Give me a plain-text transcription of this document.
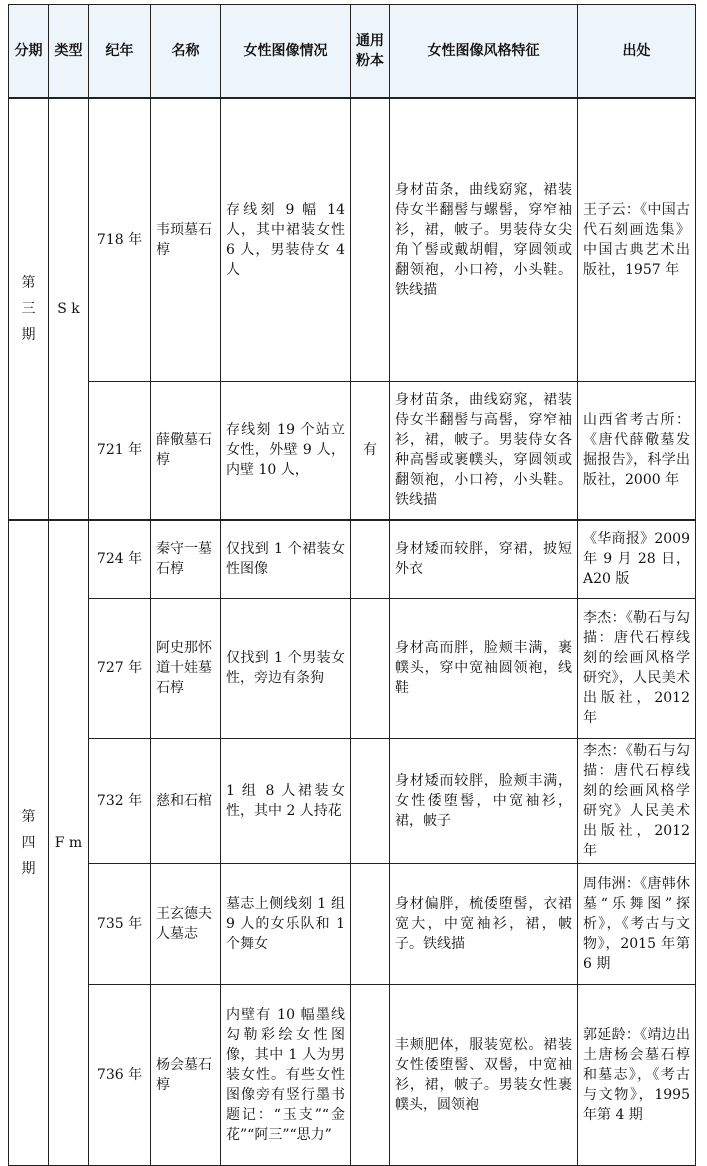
分期	类型	纪年	名称	女性图像情况	通用粉本	女性图像风格特征	出处
第三期	S k	718 年	韦顼墓石椁	存线刻 9 幅 14 人，其中裙装女性 6 人，男装侍女 4 人		身材苗条，曲线窈窕，裙装侍女半翻髻与螺髻，穿窄袖衫，裙，帔子。男装侍女尖角丫髻或戴胡帽，穿圆领或翻领袍，小口袴，小头鞋。铁线描	王子云：《中国古代石刻画选集》中国古典艺术出版社，1957 年
		721 年	薛儆墓石椁	存线刻 19 个站立女性，外壁 9 人，内壁 10 人，	有	身材苗条，曲线窈窕，裙装侍女半翻髻与高髻，穿窄袖衫，裙，帔子。男装侍女各种高髻或裹幞头，穿圆领或翻领袍，小口袴，小头鞋。铁线描	山西省考古所：《唐代薛儆墓发掘报告》，科学出版社，2000 年
第四期	F m	724 年	秦守一墓石椁	仅找到 1 个裙装女性图像		身材矮而较胖，穿裙，披短外衣	《华商报》2009 年 9 月 28 日，A20 版
		727 年	阿史那怀道十娃墓石椁	仅找到 1 个男装女性，旁边有条狗		身材高而胖，脸颊丰满，裹幞头，穿中宽袖圆领袍，线鞋	李杰：《勒石与勾描：唐代石椁线刻的绘画风格学研究》，人民美术出版社，2012 年
		732 年	慈和石棺	1 组 8 人裙装女性，其中 2 人持花		身材矮而较胖，脸颊丰满，女性倭堕髻，中宽袖衫，裙，帔子	李杰：《勒石与勾描：唐代石椁线刻的绘画风格学研究》人民美术出版社，2012 年
		735 年	王玄德夫人墓志	墓志上侧线刻 1 组 9 人的女乐队和 1 个舞女		身材偏胖，梳倭堕髻，衣裙宽大，中宽袖衫，裙，帔子。铁线描	周伟洲：《唐韩休墓“乐舞图”探析》，《考古与文物》，2015 年第 6 期
		736 年	杨会墓石椁	内壁有 10 幅墨线勾勒彩绘女性图像，其中 1 人为男装女性。有些女性图像旁有竖行墨书题记：“玉支”“金花”“阿三”“思力”		丰颊肥体，服装宽松。裙装女性倭堕髻、双髻，中宽袖衫，裙，帔子。男装女性裹幞头，圆领袍	郭延龄：《靖边出土唐杨会墓石椁和墓志》，《考古与文物》，1995 年第 4 期
